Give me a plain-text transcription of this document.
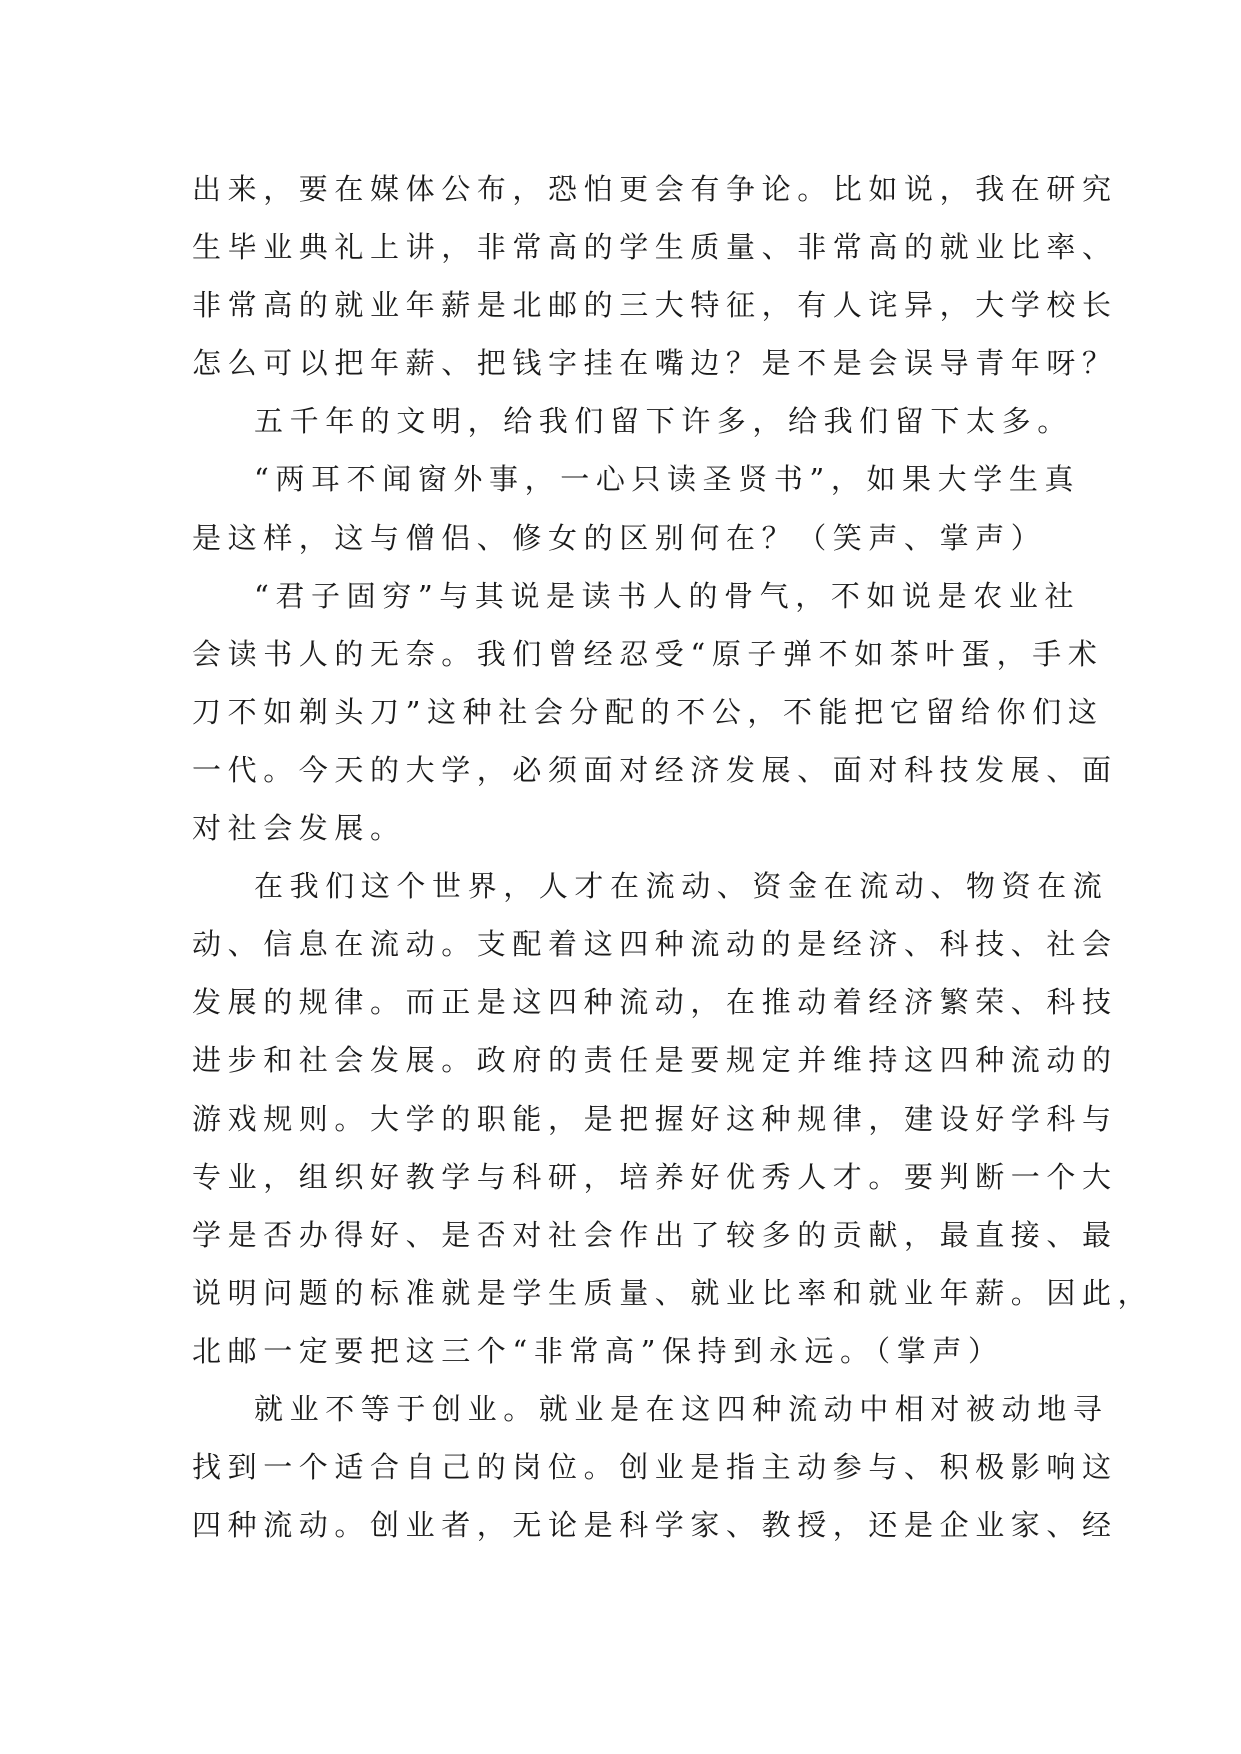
出来，要在媒体公布，恐怕更会有争论。比如说，我在研究
生毕业典礼上讲，非常高的学生质量、非常高的就业比率、
非常高的就业年薪是北邮的三大特征，有人诧异，大学校长
怎么可以把年薪、把钱字挂在嘴边？是不是会误导青年呀？

五千年的文明，给我们留下许多，给我们留下太多。

“两耳不闻窗外事，一心只读圣贤书”，如果大学生真
是这样，这与僧侣、修女的区别何在？（笑声、掌声）

“君子固穷”与其说是读书人的骨气，不如说是农业社
会读书人的无奈。我们曾经忍受“原子弹不如茶叶蛋，手术
刀不如剃头刀”这种社会分配的不公，不能把它留给你们这
一代。今天的大学，必须面对经济发展、面对科技发展、面
对社会发展。

在我们这个世界，人才在流动、资金在流动、物资在流
动、信息在流动。支配着这四种流动的是经济、科技、社会
发展的规律。而正是这四种流动，在推动着经济繁荣、科技
进步和社会发展。政府的责任是要规定并维持这四种流动的
游戏规则。大学的职能，是把握好这种规律，建设好学科与
专业，组织好教学与科研，培养好优秀人才。要判断一个大
学是否办得好、是否对社会作出了较多的贡献，最直接、最
说明问题的标准就是学生质量、就业比率和就业年薪。因此，
北邮一定要把这三个“非常高”保持到永远。（掌声）

就业不等于创业。就业是在这四种流动中相对被动地寻
找到一个适合自己的岗位。创业是指主动参与、积极影响这
四种流动。创业者，无论是科学家、教授，还是企业家、经
